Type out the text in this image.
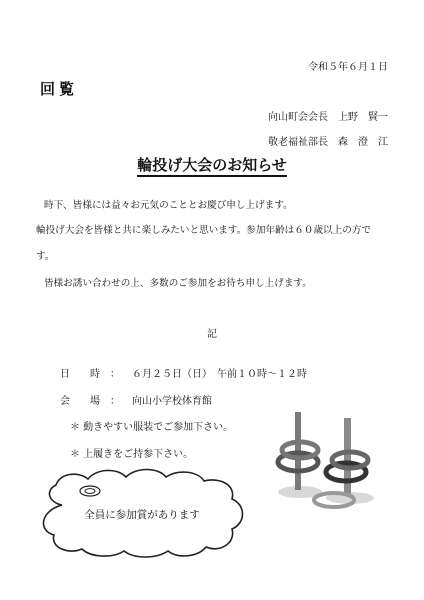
令和５年６月１日
回覧
向山町会会長　上野　賢一
敬老福祉部長　森　澄　江
輪投げ大会のお知らせ
時下、皆様には益々お元気のこととお慶び申し上げます。
輪投げ大会を皆様と共に楽しみたいと思います。参加年齢は６０歳以上の方で
す。
皆様お誘い合わせの上、多数のご参加をお待ち申し上げます。
記
日　　時 ： ６月２５日（日）　午前１０時～１２時
会　　場 ： 向山小学校体育館
＊ 動きやすい服装でご参加下さい。
＊ 上履きをご持参下さい。
全員に参加賞があります
